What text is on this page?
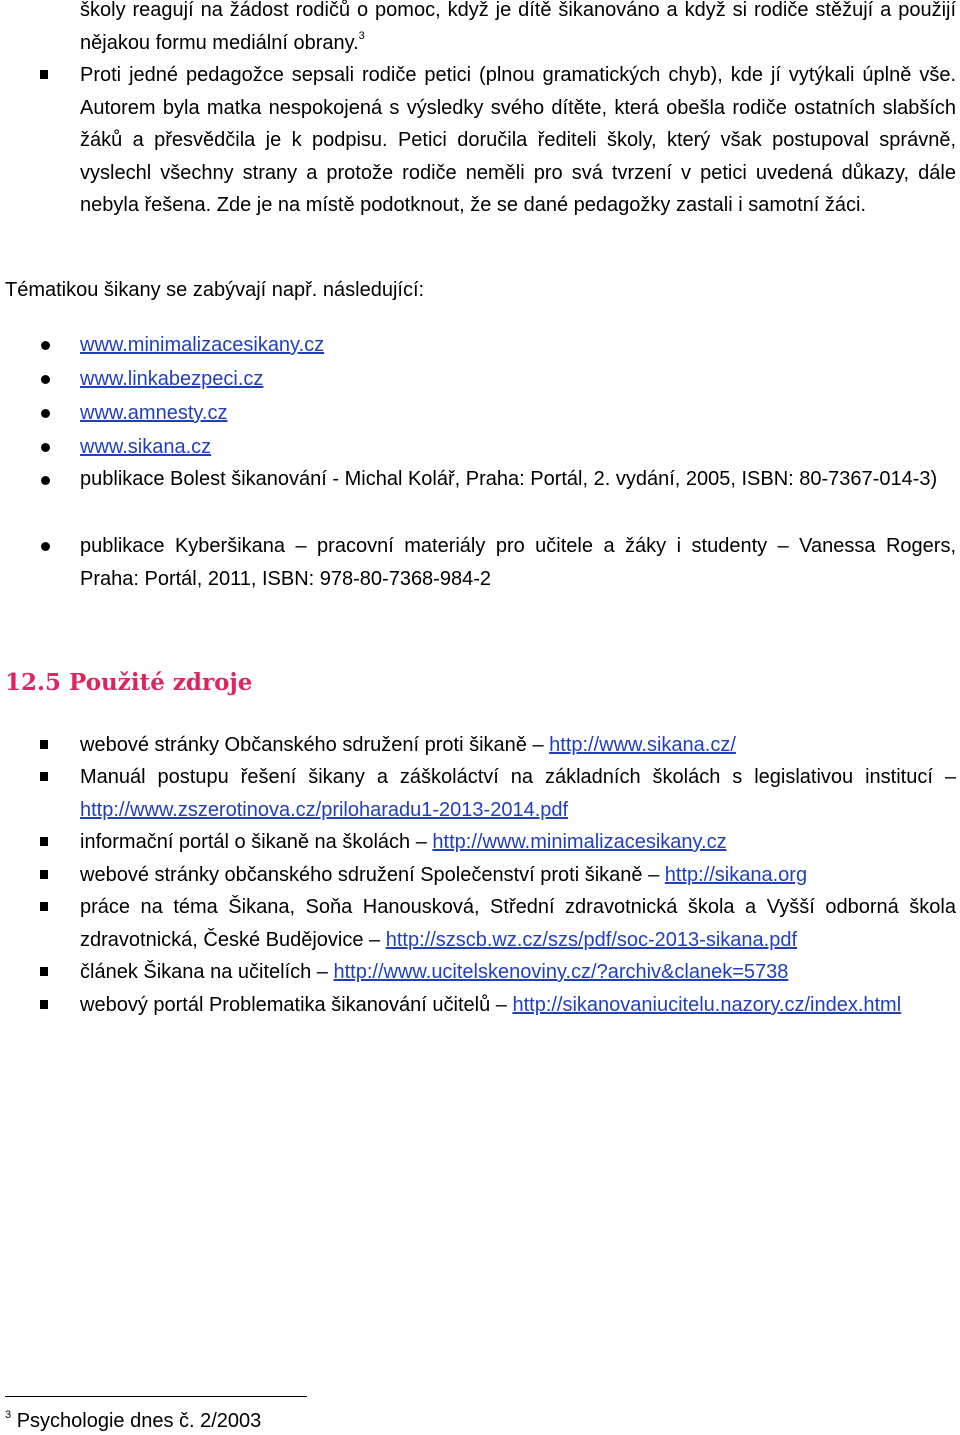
školy reagují na žádost rodičů o pomoc, když je dítě šikanováno a když si rodiče stěžují a použijí nějakou formu mediální obrany.$^3$
Proti jedné pedagožce sepsali rodiče petici (plnou gramatických chyb), kde jí vytýkali úplně vše. Autorem byla matka nespokojená s výsledky svého dítěte, která obešla rodiče ostatních slabších žáků a přesvědčila je k podpisu. Petici doručila řediteli školy, který však postupoval správně, vyslechl všechny strany a protože rodiče neměli pro svá tvrzení v petici uvedená důkazy, dále nebyla řešena. Zde je na místě podotknout, že se dané pedagožky zastali i samotní žáci.
Tématikou šikany se zabývají např. následující:
www.minimalizacesikany.cz
www.linkabezpeci.cz
www.amnesty.cz
www.sikana.cz
publikace Bolest šikanování - Michal Kolář, Praha: Portál, 2. vydání, 2005, ISBN: 80-7367-014-3)
publikace Kyberšikana – pracovní materiály pro učitele a žáky i studenty – Vanessa Rogers, Praha: Portál, 2011, ISBN: 978-80-7368-984-2
12.5 Použité zdroje
webové stránky Občanského sdružení proti šikaně – http://www.sikana.cz/
Manuál postupu řešení šikany a záškoláctví na základních školách s legislativou institucí – http://www.zszerotinova.cz/priloharadu1-2013-2014.pdf
informační portál o šikaně na školách – http://www.minimalizacesikany.cz
webové stránky občanského sdružení Společenství proti šikaně – http://sikana.org
práce na téma Šikana, Soňa Hanousková, Střední zdravotnická škola a Vyšší odborná škola zdravotnická, České Budějovice – http://szscb.wz.cz/szs/pdf/soc-2013-sikana.pdf
článek Šikana na učitelích – http://www.ucitelskenoviny.cz/?archiv&clanek=5738
webový portál Problematika šikanování učitelů – http://sikanovaniucitelu.nazory.cz/index.html
$^3$ Psychologie dnes č. 2/2003
